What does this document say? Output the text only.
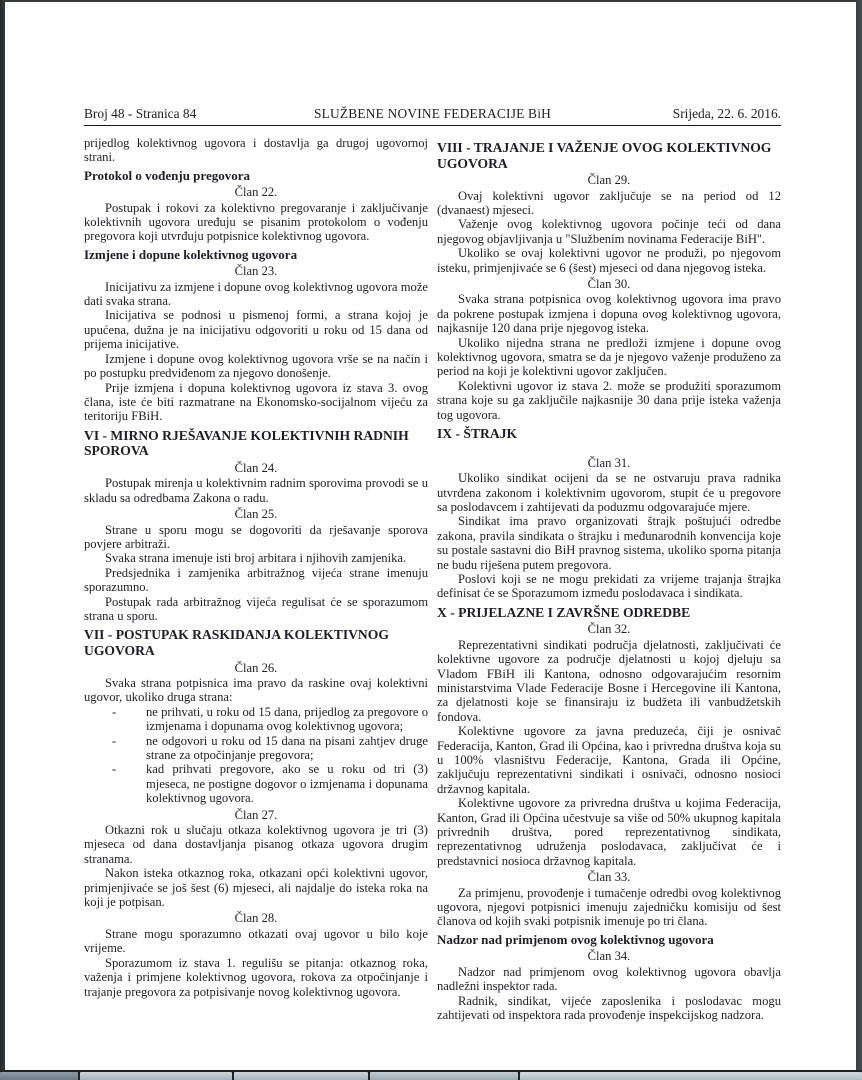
Broj 48 - Stranica 84	SLUŽBENE NOVINE FEDERACIJE BiH	Srijeda, 22. 6. 2016.
prijedlog kolektivnog ugovora i dostavlja ga drugoj ugovornoj strani.
Protokol o vođenju pregovora
Član 22.
Postupak i rokovi za kolektivno pregovaranje i zaključivanje kolektivnih ugovora uređuju se pisanim protokolom o vođenju pregovora koji utvrđuju potpisnice kolektivnog ugovora.
Izmjene i dopune kolektivnog ugovora
Član 23.
Inicijativu za izmjene i dopune ovog kolektivnog ugovora može dati svaka strana.
Inicijativa se podnosi u pismenoj formi, a strana kojoj je upućena, dužna je na inicijativu odgovoriti u roku od 15 dana od prijema inicijative.
Izmjene i dopune ovog kolektivnog ugovora vrše se na način i po postupku predviđenom za njegovo donošenje.
Prije izmjena i dopuna kolektivnog ugovora iz stava 3. ovog člana, iste će biti razmatrane na Ekonomsko-socijalnom vijeću za teritoriju FBiH.
VI - MIRNO RJEŠAVANJE KOLEKTIVNIH RADNIH SPOROVA
Član 24.
Postupak mirenja u kolektivnim radnim sporovima provodi se u skladu sa odredbama Zakona o radu.
Član 25.
Strane u sporu mogu se dogovoriti da rješavanje sporova povjere arbitraži.
Svaka strana imenuje isti broj arbitara i njihovih zamjenika.
Predsjednika i zamjenika arbitražnog vijeća strane imenuju sporazumno.
Postupak rada arbitražnog vijeća regulisat će se sporazumom strana u sporu.
VII - POSTUPAK RASKIDANJA KOLEKTIVNOG UGOVORA
Član 26.
Svaka strana potpisnica ima pravo da raskine ovaj kolektivni ugovor, ukoliko druga strana:
- ne prihvati, u roku od 15 dana, prijedlog za pregovore o izmjenama i dopunama ovog kolektivnog ugovora;
- ne odgovori u roku od 15 dana na pisani zahtjev druge strane za otpočinjanje pregovora;
- kad prihvati pregovore, ako se u roku od tri (3) mjeseca, ne postigne dogovor o izmjenama i dopunama kolektivnog ugovora.
Član 27.
Otkazni rok u slučaju otkaza kolektivnog ugovora je tri (3) mjeseca od dana dostavljanja pisanog otkaza ugovora drugim stranama.
Nakon isteka otkaznog roka, otkazani opći kolektivni ugovor, primjenjivaće se još šest (6) mjeseci, ali najdalje do isteka roka na koji je potpisan.
Član 28.
Strane mogu sporazumno otkazati ovaj ugovor u bilo koje vrijeme.
Sporazumom iz stava 1. regulišu se pitanja: otkaznog roka, važenja i primjene kolektivnog ugovora, rokova za otpočinjanje i trajanje pregovora za potpisivanje novog kolektivnog ugovora.
VIII - TRAJANJE I VAŽENJE OVOG KOLEKTIVNOG UGOVORA
Član 29.
Ovaj kolektivni ugovor zaključuje se na period od 12 (dvanaest) mjeseci.
Važenje ovog kolektivnog ugovora počinje teći od dana njegovog objavljivanja u "Službenim novinama Federacije BiH".
Ukoliko se ovaj kolektivni ugovor ne produži, po njegovom isteku, primjenjivaće se 6 (šest) mjeseci od dana njegovog isteka.
Član 30.
Svaka strana potpisnica ovog kolektivnog ugovora ima pravo da pokrene postupak izmjena i dopuna ovog kolektivnog ugovora, najkasnije 120 dana prije njegovog isteka.
Ukoliko nijedna strana ne predloži izmjene i dopune ovog kolektivnog ugovora, smatra se da je njegovo važenje produženo za period na koji je kolektivni ugovor zaključen.
Kolektivni ugovor iz stava 2. može se produžiti sporazumom strana koje su ga zaključile najkasnije 30 dana prije isteka važenja tog ugovora.
IX - ŠTRAJK
Član 31.
Ukoliko sindikat ocijeni da se ne ostvaruju prava radnika utvrđena zakonom i kolektivnim ugovorom, stupit će u pregovore sa poslodavcem i zahtijevati da poduzmu odgovarajuće mjere.
Sindikat ima pravo organizovati štrajk poštujući odredbe zakona, pravila sindikata o štrajku i međunarodnih konvencija koje su postale sastavni dio BiH pravnog sistema, ukoliko sporna pitanja ne budu riješena putem pregovora.
Poslovi koji se ne mogu prekidati za vrijeme trajanja štrajka definisat će se Sporazumom između poslodavaca i sindikata.
X - PRIJELAZNE I ZAVRŠNE ODREDBE
Član 32.
Reprezentativni sindikati područja djelatnosti, zaključivati će kolektivne ugovore za područje djelatnosti u kojoj djeluju sa Vladom FBiH ili Kantona, odnosno odgovarajućim resornim ministarstvima Vlade Federacije Bosne i Hercegovine ili Kantona, za djelatnosti koje se finansiraju iz budžeta ili vanbudžetskih fondova.
Kolektivne ugovore za javna preduzeća, čiji je osnivač Federacija, Kanton, Grad ili Općina, kao i privredna društva koja su u 100% vlasništvu Federacije, Kantona, Grada ili Općine, zaključuju reprezentativni sindikati i osnivači, odnosno nosioci državnog kapitala.
Kolektivne ugovore za privredna društva u kojima Federacija, Kanton, Grad ili Općina učestvuje sa više od 50% ukupnog kapitala privrednih društva, pored reprezentativnog sindikata, reprezentativnog udruženja poslodavaca, zaključivat će i predstavnici nosioca državnog kapitala.
Član 33.
Za primjenu, provođenje i tumačenje odredbi ovog kolektivnog ugovora, njegovi potpisnici imenuju zajedničku komisiju od šest članova od kojih svaki potpisnik imenuje po tri člana.
Nadzor nad primjenom ovog kolektivnog ugovora
Član 34.
Nadzor nad primjenom ovog kolektivnog ugovora obavlja nadležni inspektor rada.
Radnik, sindikat, vijeće zaposlenika i poslodavac mogu zahtijevati od inspektora rada provođenje inspekcijskog nadzora.
